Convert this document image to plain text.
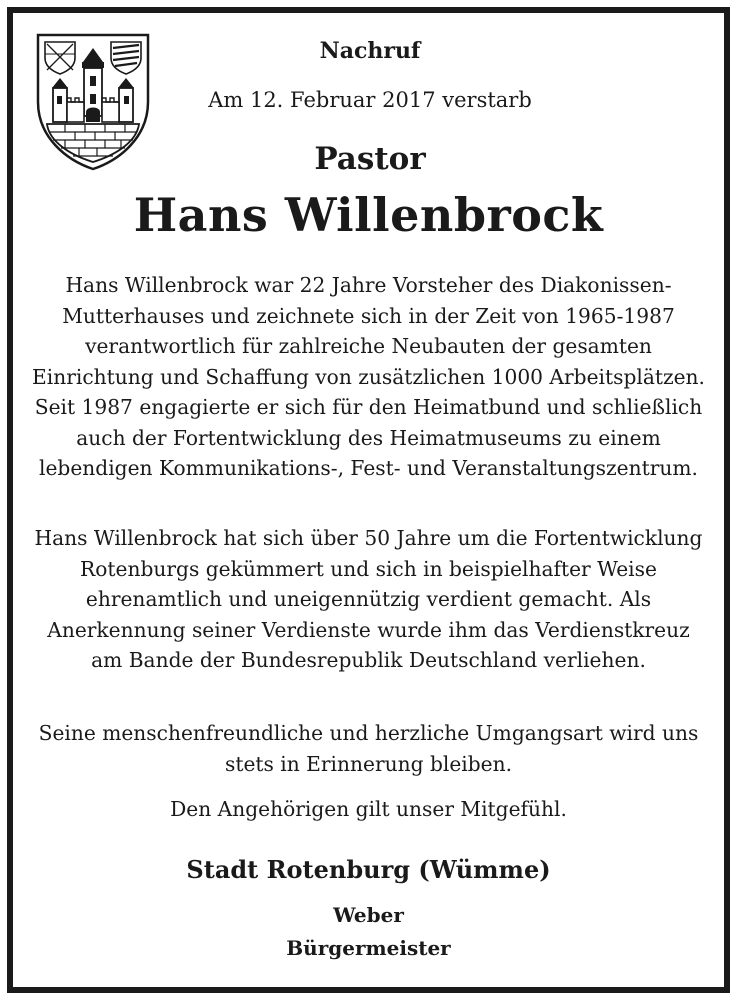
Nachruf

Am 12. Februar 2017 verstarb

Pastor

Hans Willenbrock

Hans Willenbrock war 22 Jahre Vorsteher des Diakonissen-Mutterhauses und zeichnete sich in der Zeit von 1965-1987 verantwortlich für zahlreiche Neubauten der gesamten Einrichtung und Schaffung von zusätzlichen 1000 Arbeitsplätzen. Seit 1987 engagierte er sich für den Heimatbund und schließlich auch der Fortentwicklung des Heimatmuseums zu einem lebendigen Kommunikations-, Fest- und Veranstaltungszentrum.

Hans Willenbrock hat sich über 50 Jahre um die Fortentwicklung Rotenburgs gekümmert und sich in beispielhafter Weise ehrenamtlich und uneigennützig verdient gemacht. Als Anerkennung seiner Verdienste wurde ihm das Verdienstkreuz am Bande der Bundesrepublik Deutschland verliehen.

Seine menschenfreundliche und herzliche Umgangsart wird uns stets in Erinnerung bleiben.

Den Angehörigen gilt unser Mitgefühl.

Stadt Rotenburg (Wümme)

Weber

Bürgermeister
